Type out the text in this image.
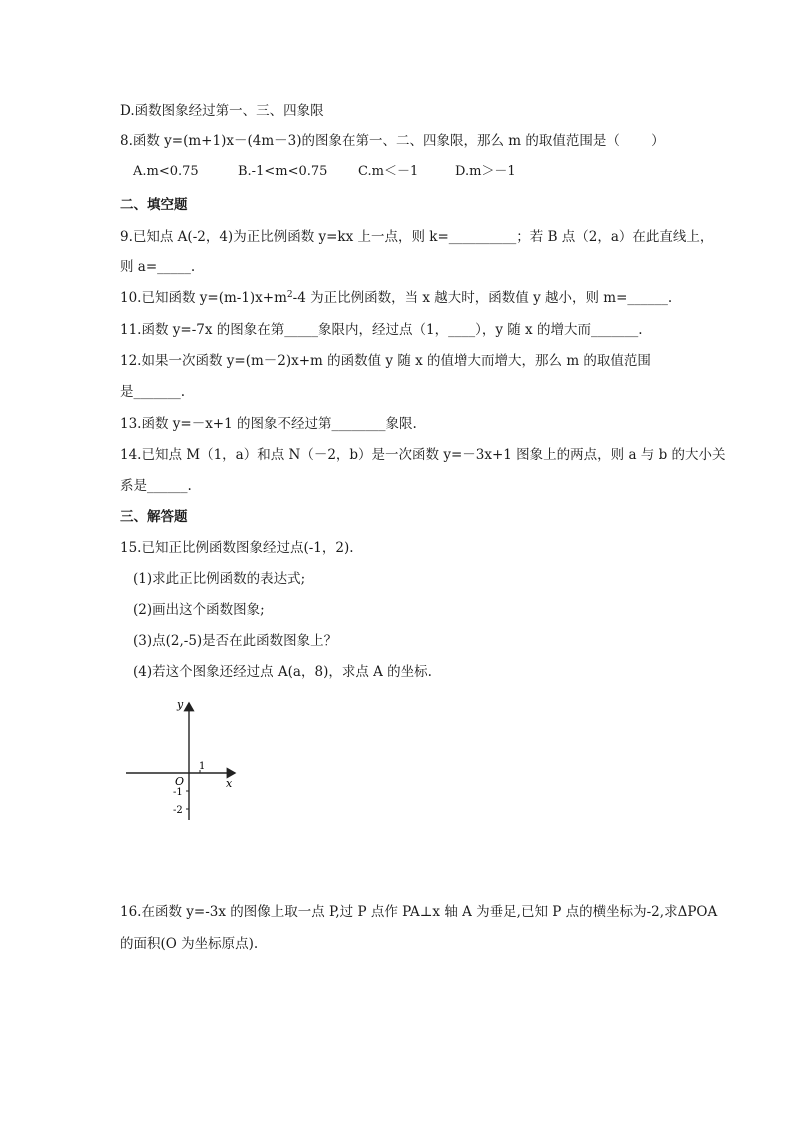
D.函数图象经过第一、三、四象限
8.函数 y=(m+1)x－(4m－3)的图象在第一、二、四象限，那么 m 的取值范围是（　　 ）
A.m<0.75	B.-1<m<0.75 C.m＜－1	D.m＞－1
二、填空题
9.已知点 A(-2，4)为正比例函数 y=kx 上一点，则 k=__________；若 B 点（2，a）在此直线上，
则 a=_____.
10.已知函数 $y=(m-1)x+m^2-4$ 为正比例函数，当 x 越大时，函数值 y 越小，则 m=______.
11.函数 y=-7x 的图象在第_____象限内，经过点（1，____），y 随 x 的增大而_______.
12.如果一次函数 y=(m－2)x+m 的函数值 y 随 x 的值增大而增大，那么 m 的取值范围
是_______.
13.函数 y=－x+1 的图象不经过第________象限.
14.已知点 M（1，a）和点 N（－2，b）是一次函数 y=－3x+1 图象上的两点，则 a 与 b 的大小关
系是______.
三、解答题
15.已知正比例函数图象经过点(-1，2).
(1)求此正比例函数的表达式;
(2)画出这个函数图象;
(3)点(2,-5)是否在此函数图象上？
(4)若这个图象还经过点 A(a，8)，求点 A 的坐标.
y
x
O
1
-1
-2
16.在函数 y=-3x 的图像上取一点 P,过 P 点作 PA⊥x 轴 A 为垂足,已知 P 点的横坐标为-2,求ΔPOA
的面积(O 为坐标原点).
